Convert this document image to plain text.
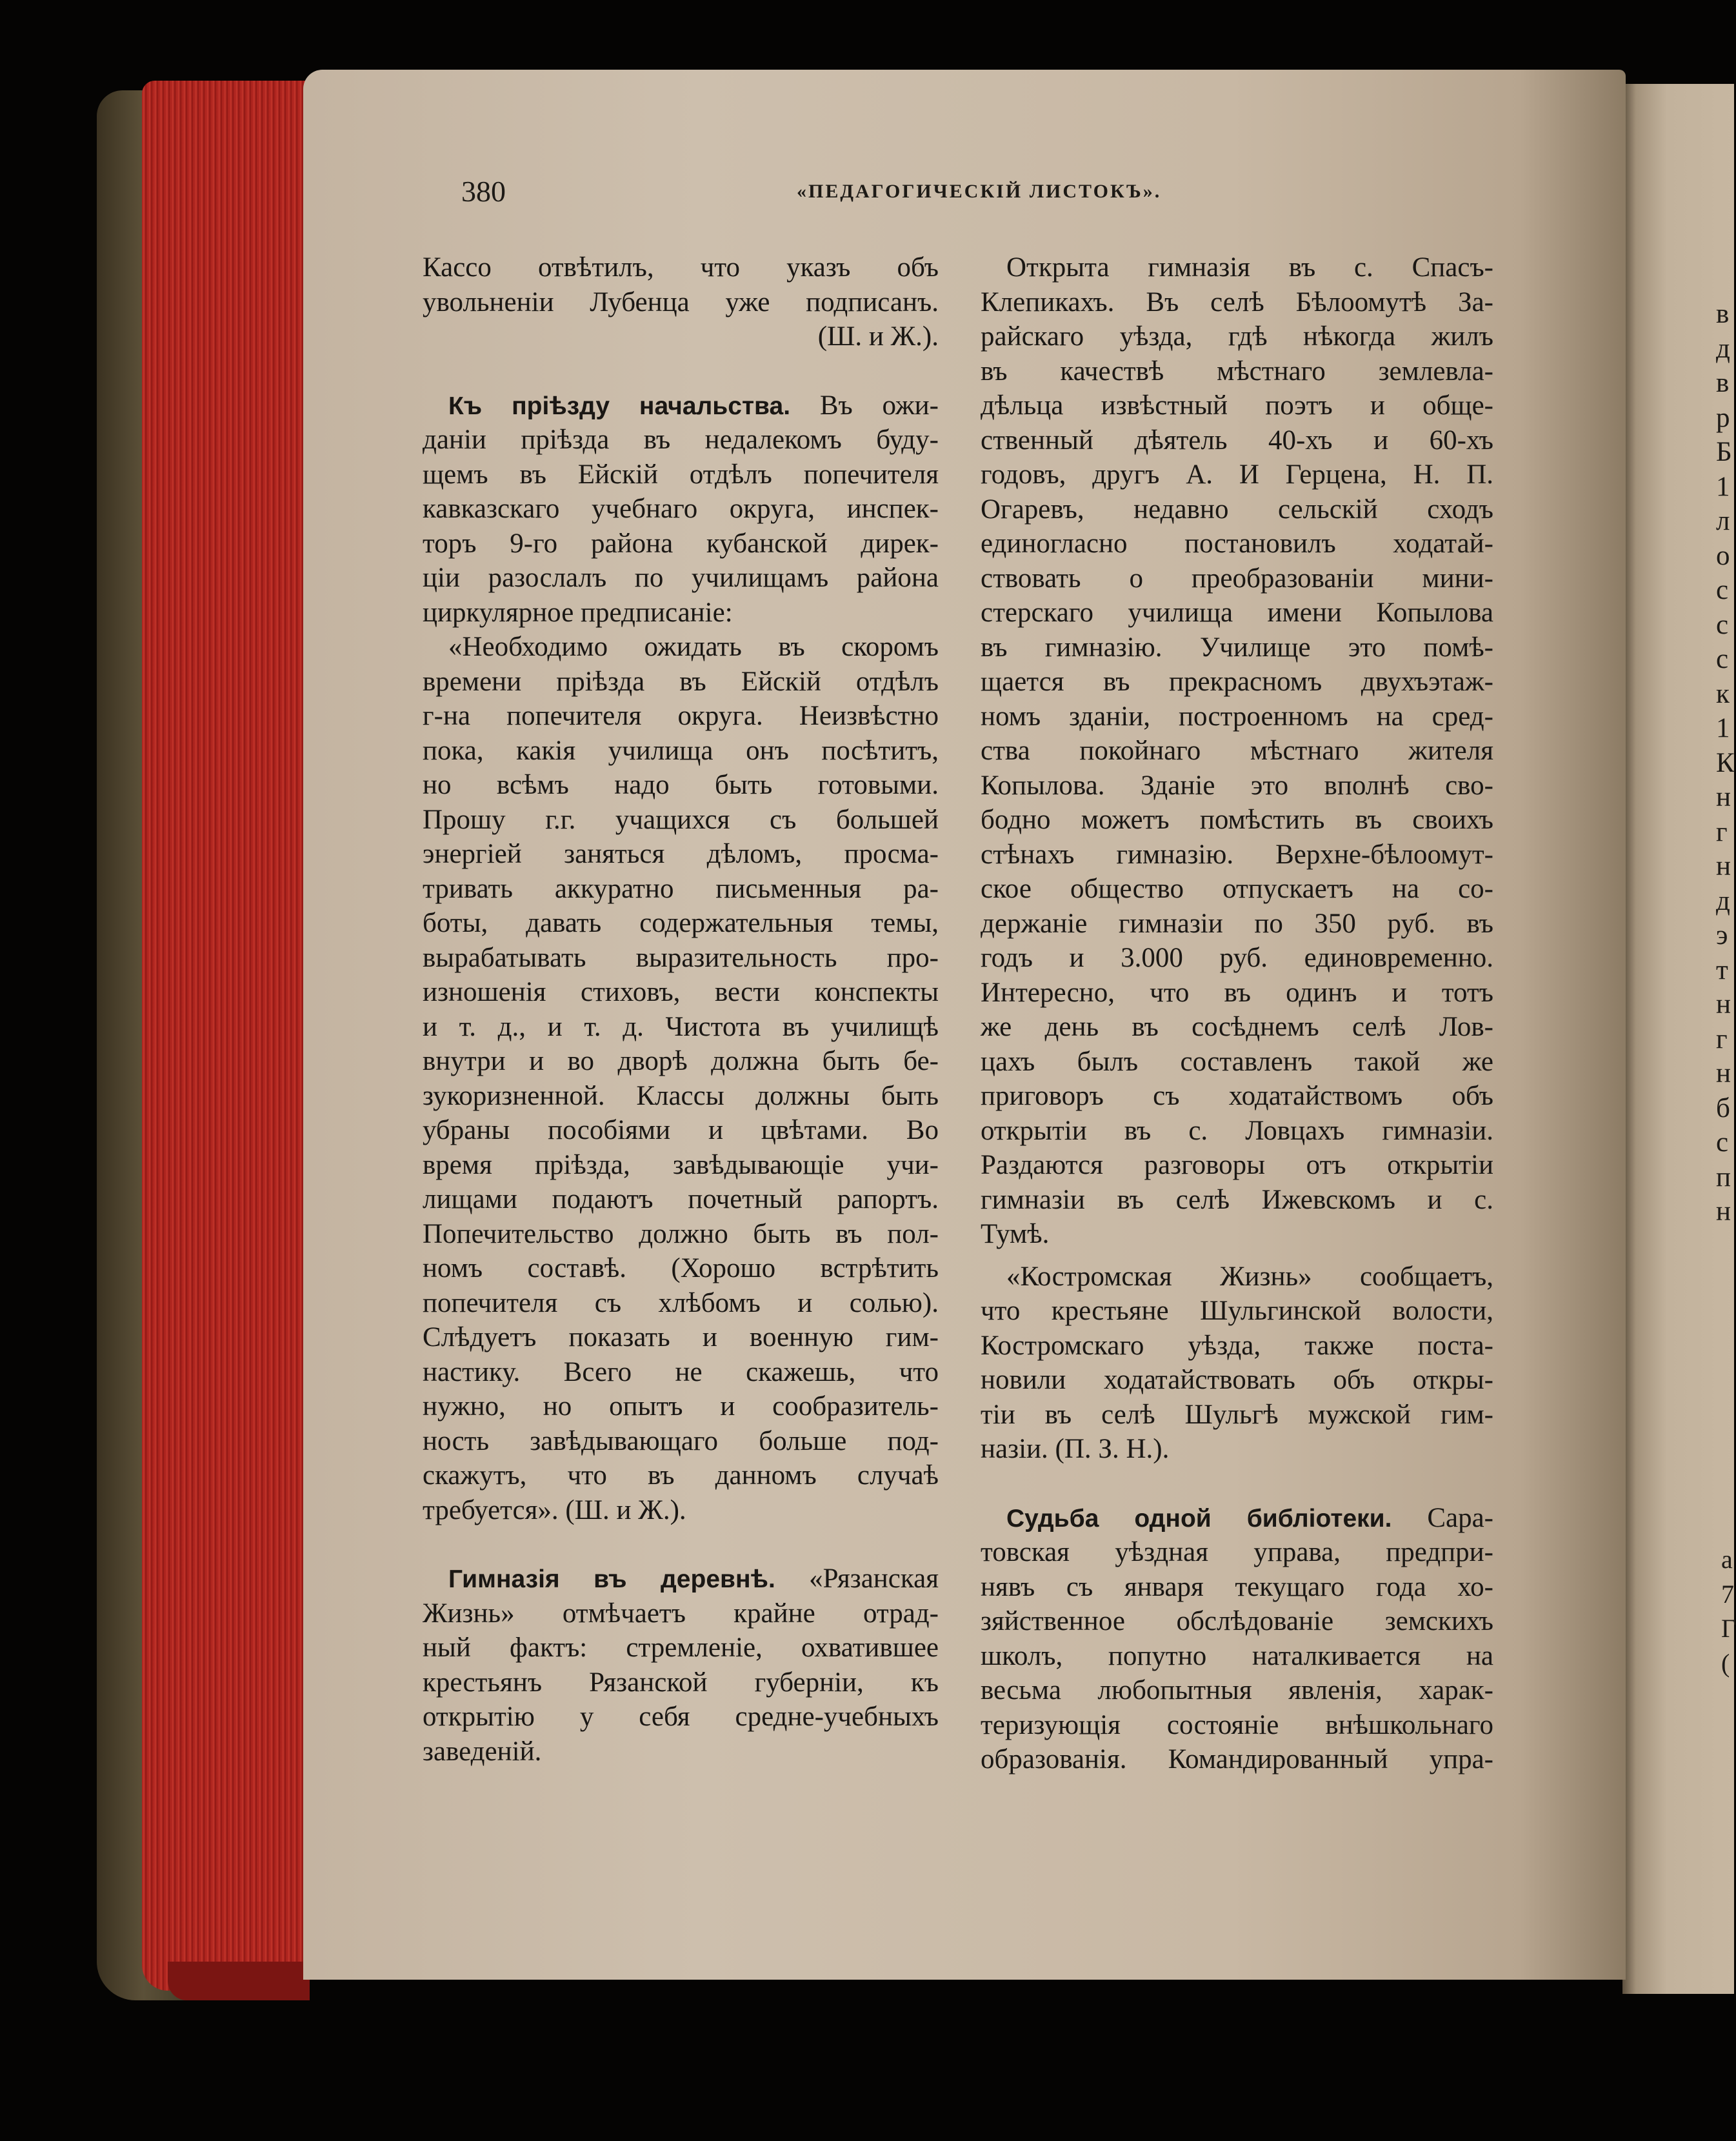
380	«ПЕДАГОГИЧЕСКІЙ ЛИСТОКЪ».
Кассо отвѣтилъ, что указъ объ
увольненіи Лубенца уже подписанъ.
(Ш. и Ж.).
Къ пріѣзду начальства. Въ ожи-
даніи пріѣзда въ недалекомъ буду-
щемъ въ Ейскій отдѣлъ попечителя
кавказскаго учебнаго округа, инспек-
торъ 9-го района кубанской дирек-
ціи разослалъ по училищамъ района
циркулярное предписаніе:
«Необходимо ожидать въ скоромъ
времени пріѣзда въ Ейскій отдѣлъ
г-на попечителя округа. Неизвѣстно
пока, какія училища онъ посѣтитъ,
но всѣмъ надо быть готовыми.
Прошу г.г. учащихся съ большей
энергіей заняться дѣломъ, просма-
тривать аккуратно письменныя ра-
боты, давать содержательныя темы,
вырабатывать выразительность про-
изношенія стиховъ, вести конспекты
и т. д., и т. д. Чистота въ училищѣ
внутри и во дворѣ должна быть бе-
зукоризненной. Классы должны быть
убраны пособіями и цвѣтами. Во
время пріѣзда, завѣдывающіе учи-
лищами подаютъ почетный рапортъ.
Попечительство должно быть въ пол-
номъ составѣ. (Хорошо встрѣтить
попечителя съ хлѣбомъ и солью).
Слѣдуетъ показать и военную гим-
настику. Всего не скажешь, что
нужно, но опытъ и сообразитель-
ность завѣдывающаго больше под-
скажутъ, что въ данномъ случаѣ
требуется». (Ш. и Ж.).
Гимназія въ деревнѣ. «Рязанская
Жизнь» отмѣчаетъ крайне отрад-
ный фактъ: стремленіе, охватившее
крестьянъ Рязанской губерніи, къ
открытію у себя средне-учебныхъ
заведеній.
Открыта гимназія въ с. Спасъ-
Клепикахъ. Въ селѣ Бѣлоомутѣ За-
райскаго уѣзда, гдѣ нѣкогда жилъ
въ качествѣ мѣстнаго землевла-
дѣльца извѣстный поэтъ и обще-
ственный дѣятель 40-хъ и 60-хъ
годовъ, другъ А. И Герцена, Н. П.
Огаревъ, недавно сельскій сходъ
единогласно постановилъ ходатай-
ствовать о преобразованіи мини-
стерскаго училища имени Копылова
въ гимназію. Училище это помѣ-
щается въ прекрасномъ двухъэтаж-
номъ зданіи, построенномъ на сред-
ства покойнаго мѣстнаго жителя
Копылова. Зданіе это вполнѣ сво-
бодно можетъ помѣстить въ своихъ
стѣнахъ гимназію. Верхне-бѣлоомут-
ское общество отпускаетъ на со-
держаніе гимназіи по 350 руб. въ
годъ и 3.000 руб. единовременно.
Интересно, что въ одинъ и тотъ
же день въ сосѣднемъ селѣ Лов-
цахъ былъ составленъ такой же
приговоръ съ ходатайствомъ объ
открытіи въ с. Ловцахъ гимназіи.
Раздаются разговоры отъ открытіи
гимназіи въ селѣ Ижевскомъ и с.
Тумѣ.
«Костромская Жизнь» сообщаетъ,
что крестьяне Шульгинской волости,
Костромскаго уѣзда, также поста-
новили ходатайствовать объ откры-
тіи въ селѣ Шульгѣ мужской гим-
назіи. (П. З. Н.).
Судьба одной библіотеки. Сара-
товская уѣздная управа, предпри-
нявъ съ января текущаго года хо-
зяйственное обслѣдованіе земскихъ
школъ, попутно наталкивается на
весьма любопытныя явленія, харак-
теризующія состояніе внѣшкольнаго
образованія. Командированный упра-
в
д
в
р
Б
1
л
о
с
с
с
к
1
К
н
г
н
д
э
т
н
г
н
б
с
п
н
а
7
Г
(
